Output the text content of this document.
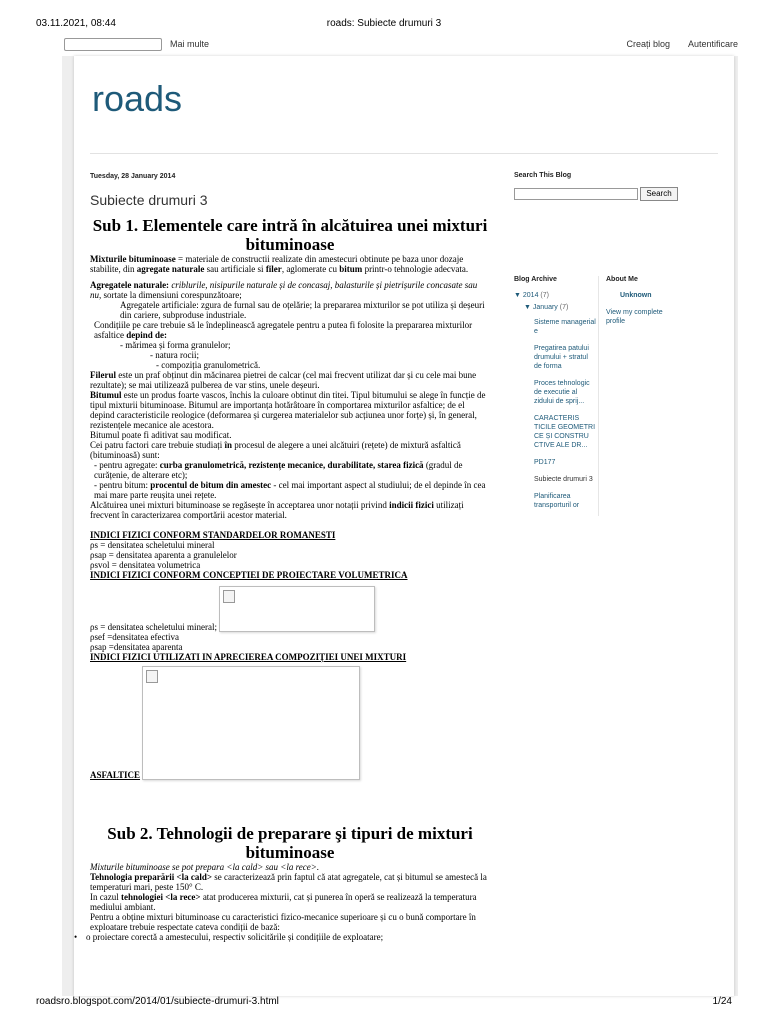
03.11.2021, 08:44	roads: Subiecte drumuri 3
Mai multe	Creați blog Autentificare
roads
Tuesday, 28 January 2014
Subiecte drumuri 3
Sub 1. Elementele care intră în alcătuirea unei mixturi bituminoase

Mixturile bituminoase = materiale de constructii realizate din amestecuri obtinute pe baza unor dozaje stabilite, din agregate naturale sau artificiale si filer, aglomerate cu bitum printr-o tehnologie adecvata.

Agregatele naturale: criblurile, nisipurile naturale și de concasaj, balasturile și pietrișurile concasate sau nu, sortate la dimensiuni corespunzătoare;

Agregatele artificiale: zgura de furnal sau de oțelărie; la prepararea mixturilor se pot utiliza și deșeuri din cariere, subproduse industriale.

Condițiile pe care trebuie să le îndeplinească agregatele pentru a putea fi folosite la prepararea mixturilor asfaltice depind de:

- mărimea și forma granulelor;

- natura rocii;

- compoziția granulometrică.

Filerul este un praf obținut din măcinarea pietrei de calcar (cel mai frecvent utilizat dar și cu cele mai bune rezultate); se mai utilizează pulberea de var stins, unele deșeuri.

Bitumul este un produs foarte vascos, închis la culoare obtinut din titei. Tipul bitumului se alege în funcție de tipul mixturii bituminoase. Bitumul are importanța hotărâtoare în comportarea mixturilor asfaltice; de el depind caracteristicile reologice (deformarea și curgerea materialelor sub acțiunea unor forțe) și, în general, rezistențele mecanice ale acestora.

Bitumul poate fi aditivat sau modificat.

Cei patru factori care trebuie studiați în procesul de alegere a unei alcătuiri (rețete) de mixtură asfaltică (bituminoasă) sunt:

- pentru agregate: curba granulometrică, rezistențe mecanice, durabilitate, starea fizică (gradul de curățenie, de alterare etc);

- pentru bitum: procentul de bitum din amestec - cel mai important aspect al studiului; de el depinde în cea mai mare parte reușita unei rețete.

Alcătuirea unei mixturi bituminoase se regăsește în acceptarea unor notații privind indicii fizici utilizați frecvent în caracterizarea comportării acestor material.

INDICI FIZICI CONFORM STANDARDELOR ROMANESTI

ρs = densitatea scheletului mineral

ρsap = densitatea aparenta a granulelelor

ρsvol = densitatea volumetrica

INDICI FIZICI CONFORM CONCEPTIEI DE PROIECTARE VOLUMETRICA

ρs = densitatea scheletului mineral;

ρsef =densitatea efectiva

ρsap =densitatea aparenta

INDICI FIZICI UTILIZATI IN APRECIEREA COMPOZIȚIEI UNEI MIXTURI

ASFALTICE

Sub 2. Tehnologii de preparare şi tipuri de mixturi bituminoase

Mixturile bituminoase se pot prepara <la cald> sau <la rece>.

Tehnologia preparării <la cald> se caracterizează prin faptul că atat agregatele, cat și bitumul se amestecă la temperaturi mari, peste 150° C.

In cazul tehnologiei <la rece> atat producerea mixturii, cat și punerea în operă se realizează la temperatura mediului ambiant.

Pentru a obține mixturi bituminoase cu caracteristici fizico-mecanice superioare și cu o bună comportare în exploatare trebuie respectate cateva condiții de bază:

• o proiectare corectă a amestecului, respectiv solicitările și condițiile de exploatare;
Search This Blog
Search
Blog Archive
▼ 2014 (7)
▼ January (7)
Sisteme managerial e
Pregatirea patului drumului + stratul de forma
Proces tehnologic de executie al zidului de sprij...
CARACTERIS TICILE GEOMETRI CE ȘI CONSTRU CTIVE ALE DR...
PD177
Subiecte drumuri 3
Planificarea transporturil or
About Me
Unknown
View my complete profile
roadsro.blogspot.com/2014/01/subiecte-drumuri-3.html	1/24
